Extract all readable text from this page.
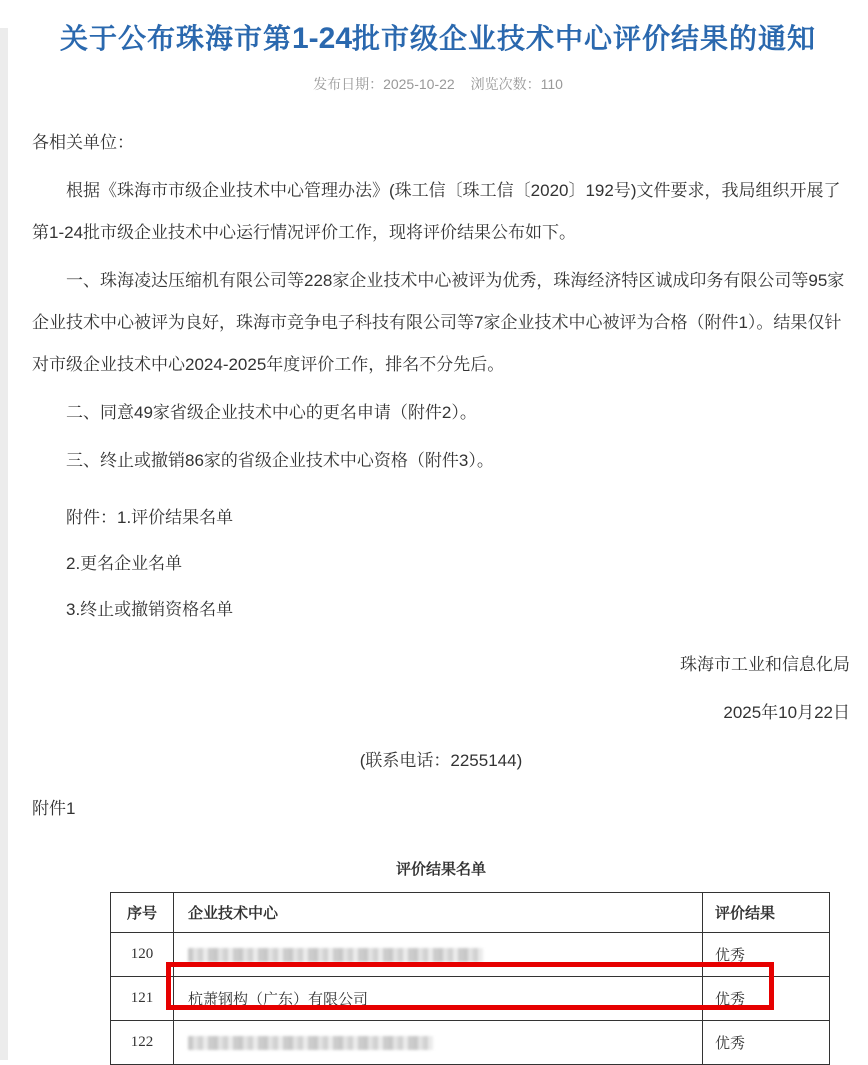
关于公布珠海市第1-24批市级企业技术中心评价结果的通知
发布日期：2025-10-22 浏览次数：110

各相关单位：

根据《珠海市市级企业技术中心管理办法》(珠工信〔珠工信〔2020〕192号)文件要求，我局组织开展了第1-24批市级企业技术中心运行情况评价工作，现将评价结果公布如下。

一、珠海凌达压缩机有限公司等228家企业技术中心被评为优秀，珠海经济特区诚成印务有限公司等95家企业技术中心被评为良好，珠海市竞争电子科技有限公司等7家企业技术中心被评为合格（附件1）。结果仅针对市级企业技术中心2024-2025年度评价工作，排名不分先后。

二、同意49家省级企业技术中心的更名申请（附件2）。

三、终止或撤销86家的省级企业技术中心资格（附件3）。

附件：1.评价结果名单

2.更名企业名单

3.终止或撤销资格名单

珠海市工业和信息化局

2025年10月22日

(联系电话：2255144)

附件1

评价结果名单
序号	企业技术中心	评价结果
120		优秀
121	杭萧钢构（广东）有限公司	优秀
122		优秀
